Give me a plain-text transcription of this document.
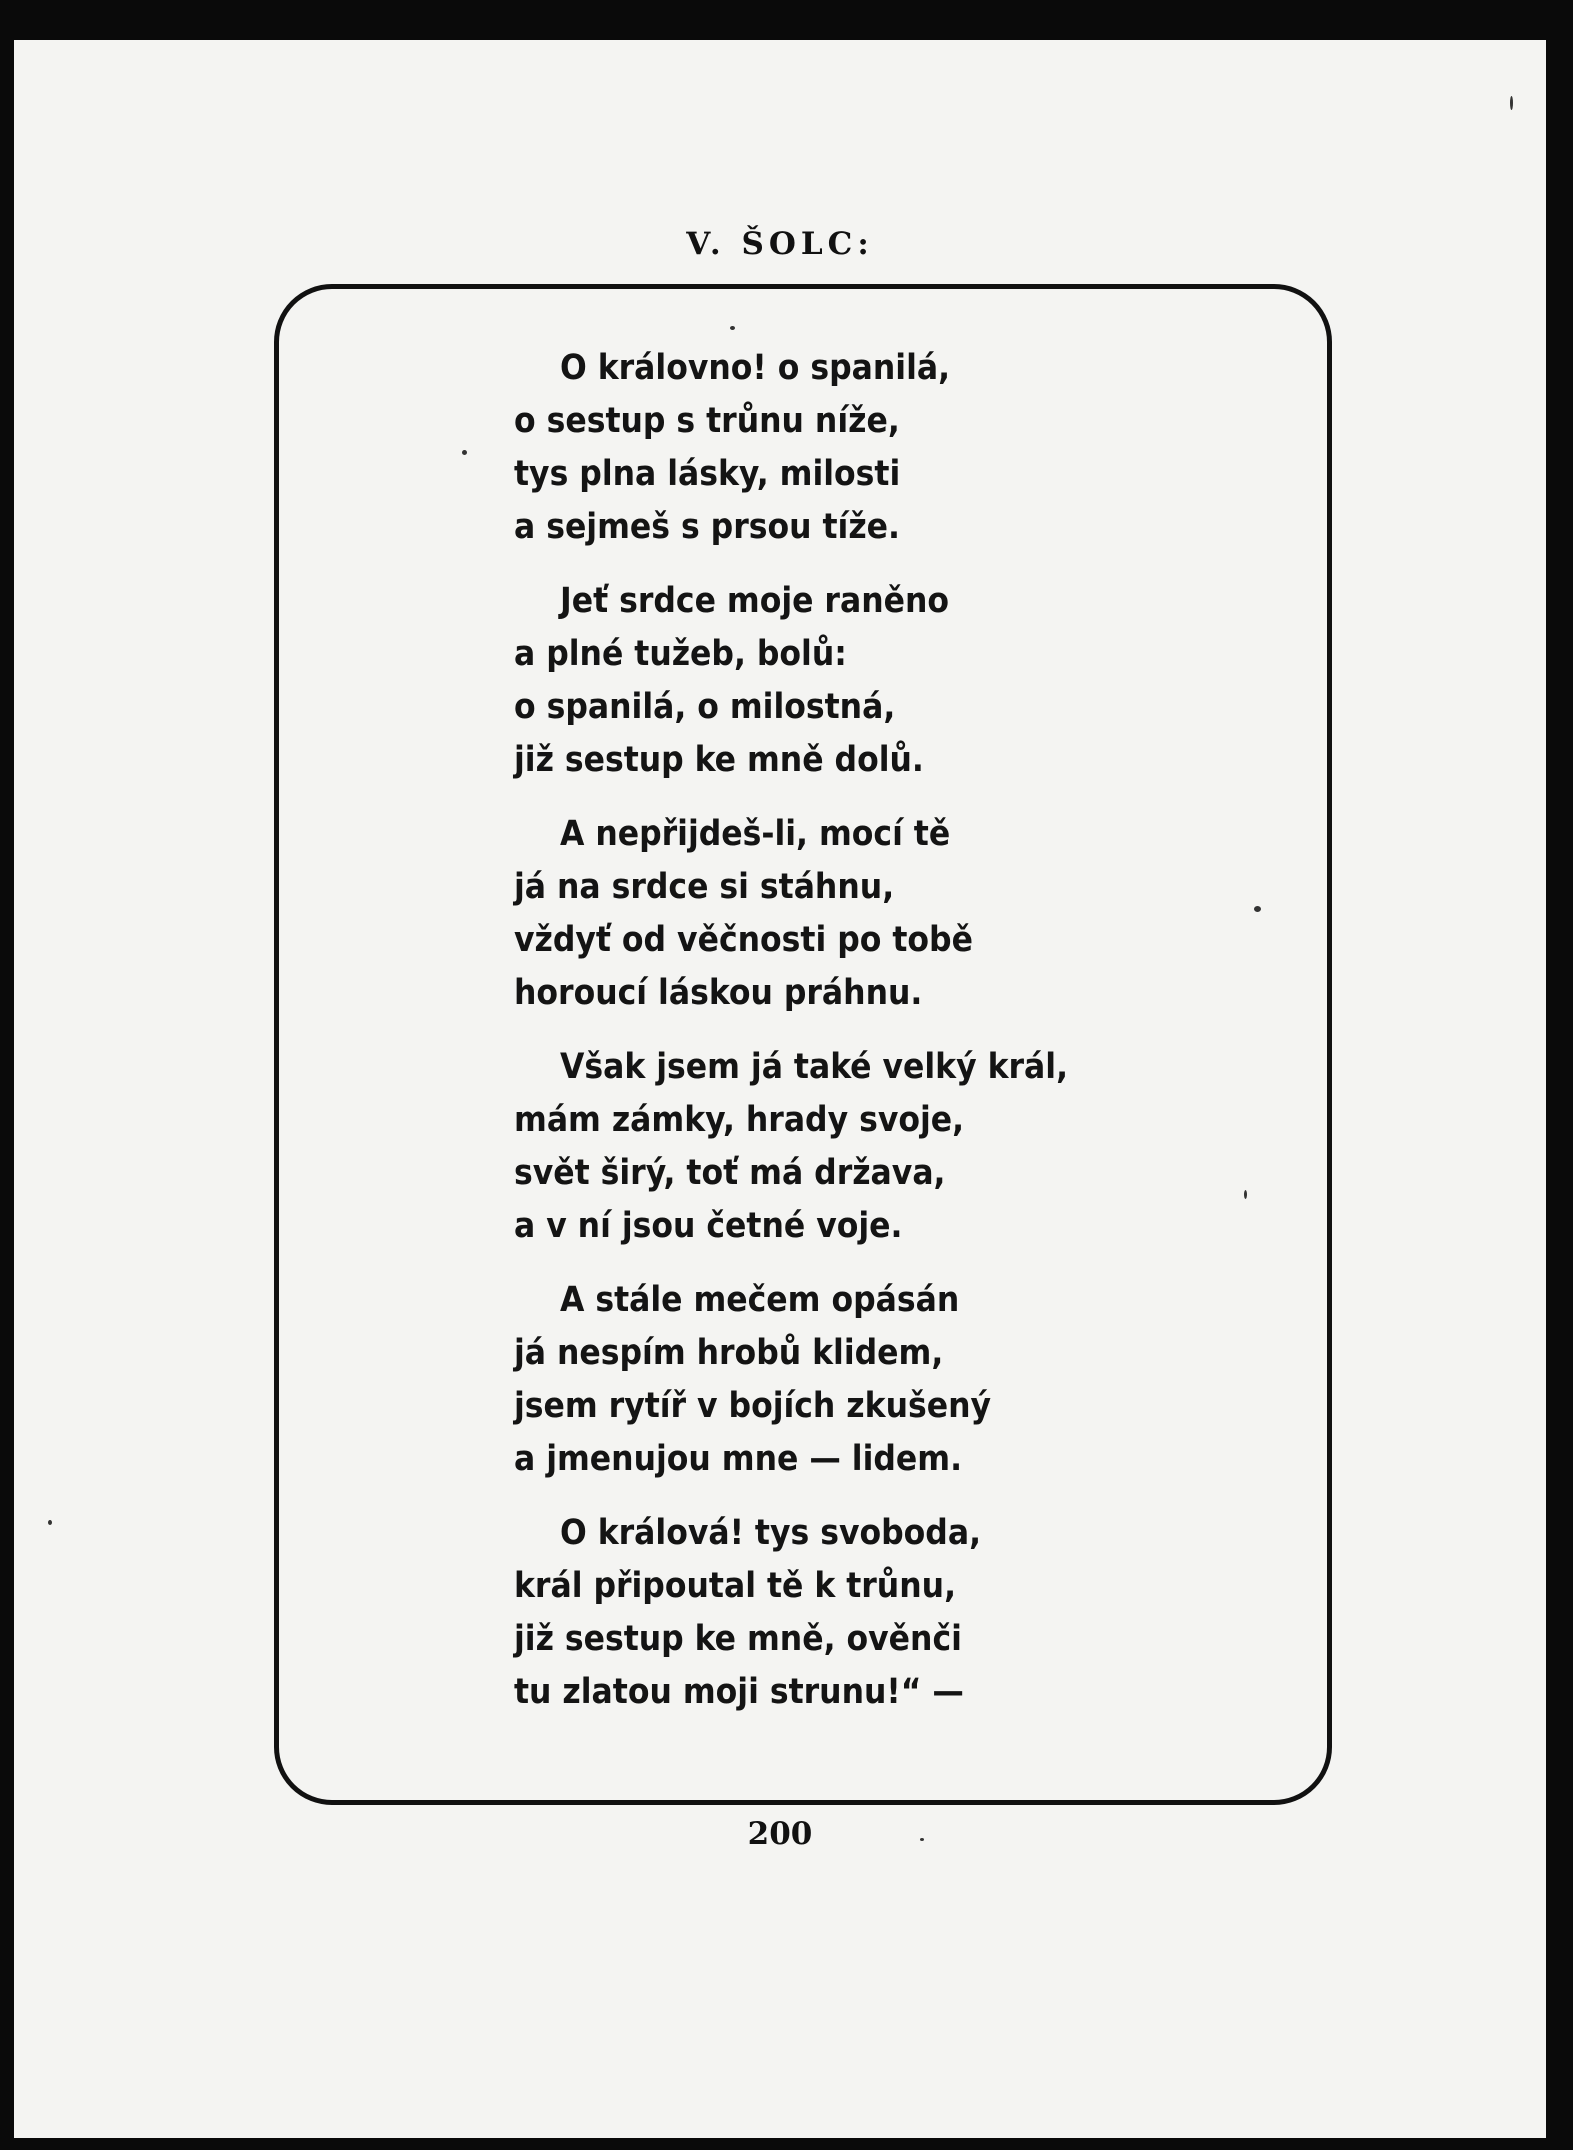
V. ŠOLC:
O královno! o spanilá,
o sestup s trůnu níže,
tys plna lásky, milosti
a sejmeš s prsou tíže.
Jeť srdce moje raněno
a plné tužeb, bolů:
o spanilá, o milostná,
již sestup ke mně dolů.
A nepřijdeš-li, mocí tě
já na srdce si stáhnu,
vždyť od věčnosti po tobě
horoucí láskou práhnu.
Však jsem já také velký král,
mám zámky, hrady svoje,
svět širý, toť má država,
a v ní jsou četné voje.
A stále mečem opásán
já nespím hrobů klidem,
jsem rytíř v bojích zkušený
a jmenujou mne — lidem.
O králová! tys svoboda,
král připoutal tě k trůnu,
již sestup ke mně, ověnči
tu zlatou moji strunu!“ —
200
